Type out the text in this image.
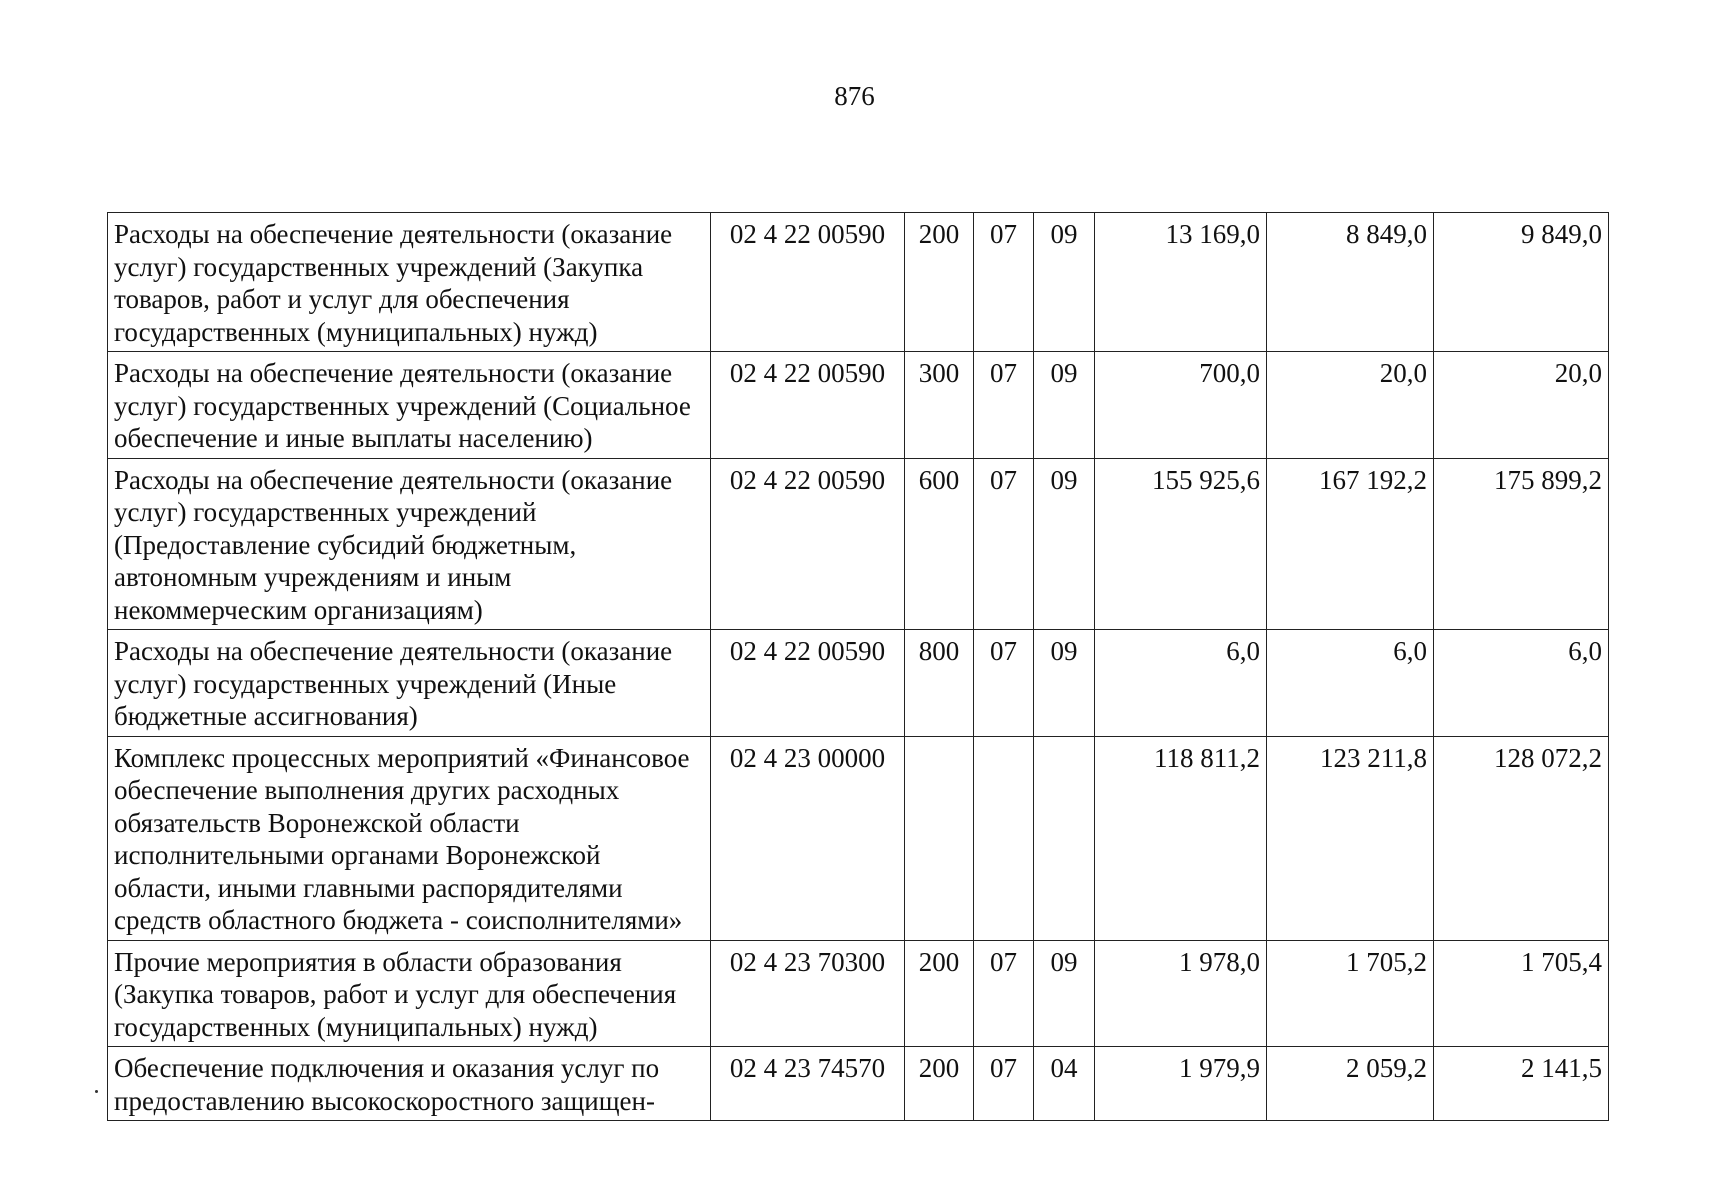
876
Расходы на обеспечение деятельности (оказание услуг) государственных учреждений (Закупка товаров, работ и услуг для обеспечения государственных (муниципальных) нужд)	02 4 22 00590	200	07	09	13 169,0	8 849,0	9 849,0
Расходы на обеспечение деятельности (оказание услуг) государственных учреждений (Социальное обеспечение и иные выплаты населению)	02 4 22 00590	300	07	09	700,0	20,0	20,0
Расходы на обеспечение деятельности (оказание услуг) государственных учреждений (Предоставление субсидий бюджетным, автономным учреждениям и иным некоммерческим организациям)	02 4 22 00590	600	07	09	155 925,6	167 192,2	175 899,2
Расходы на обеспечение деятельности (оказание услуг) государственных учреждений (Иные бюджетные ассигнования)	02 4 22 00590	800	07	09	6,0	6,0	6,0
Комплекс процессных мероприятий «Финансовое обеспечение выполнения других расходных обязательств Воронежской области исполнительными органами Воронежской области, иными главными распорядителями средств областного бюджета - соисполнителями»	02 4 23 00000				118 811,2	123 211,8	128 072,2
Прочие мероприятия в области образования (Закупка товаров, работ и услуг для обеспечения государственных (муниципальных) нужд)	02 4 23 70300	200	07	09	1 978,0	1 705,2	1 705,4
Обеспечение подключения и оказания услуг по предоставлению высокоскоростного защищен-	02 4 23 74570	200	07	04	1 979,9	2 059,2	2 141,5
